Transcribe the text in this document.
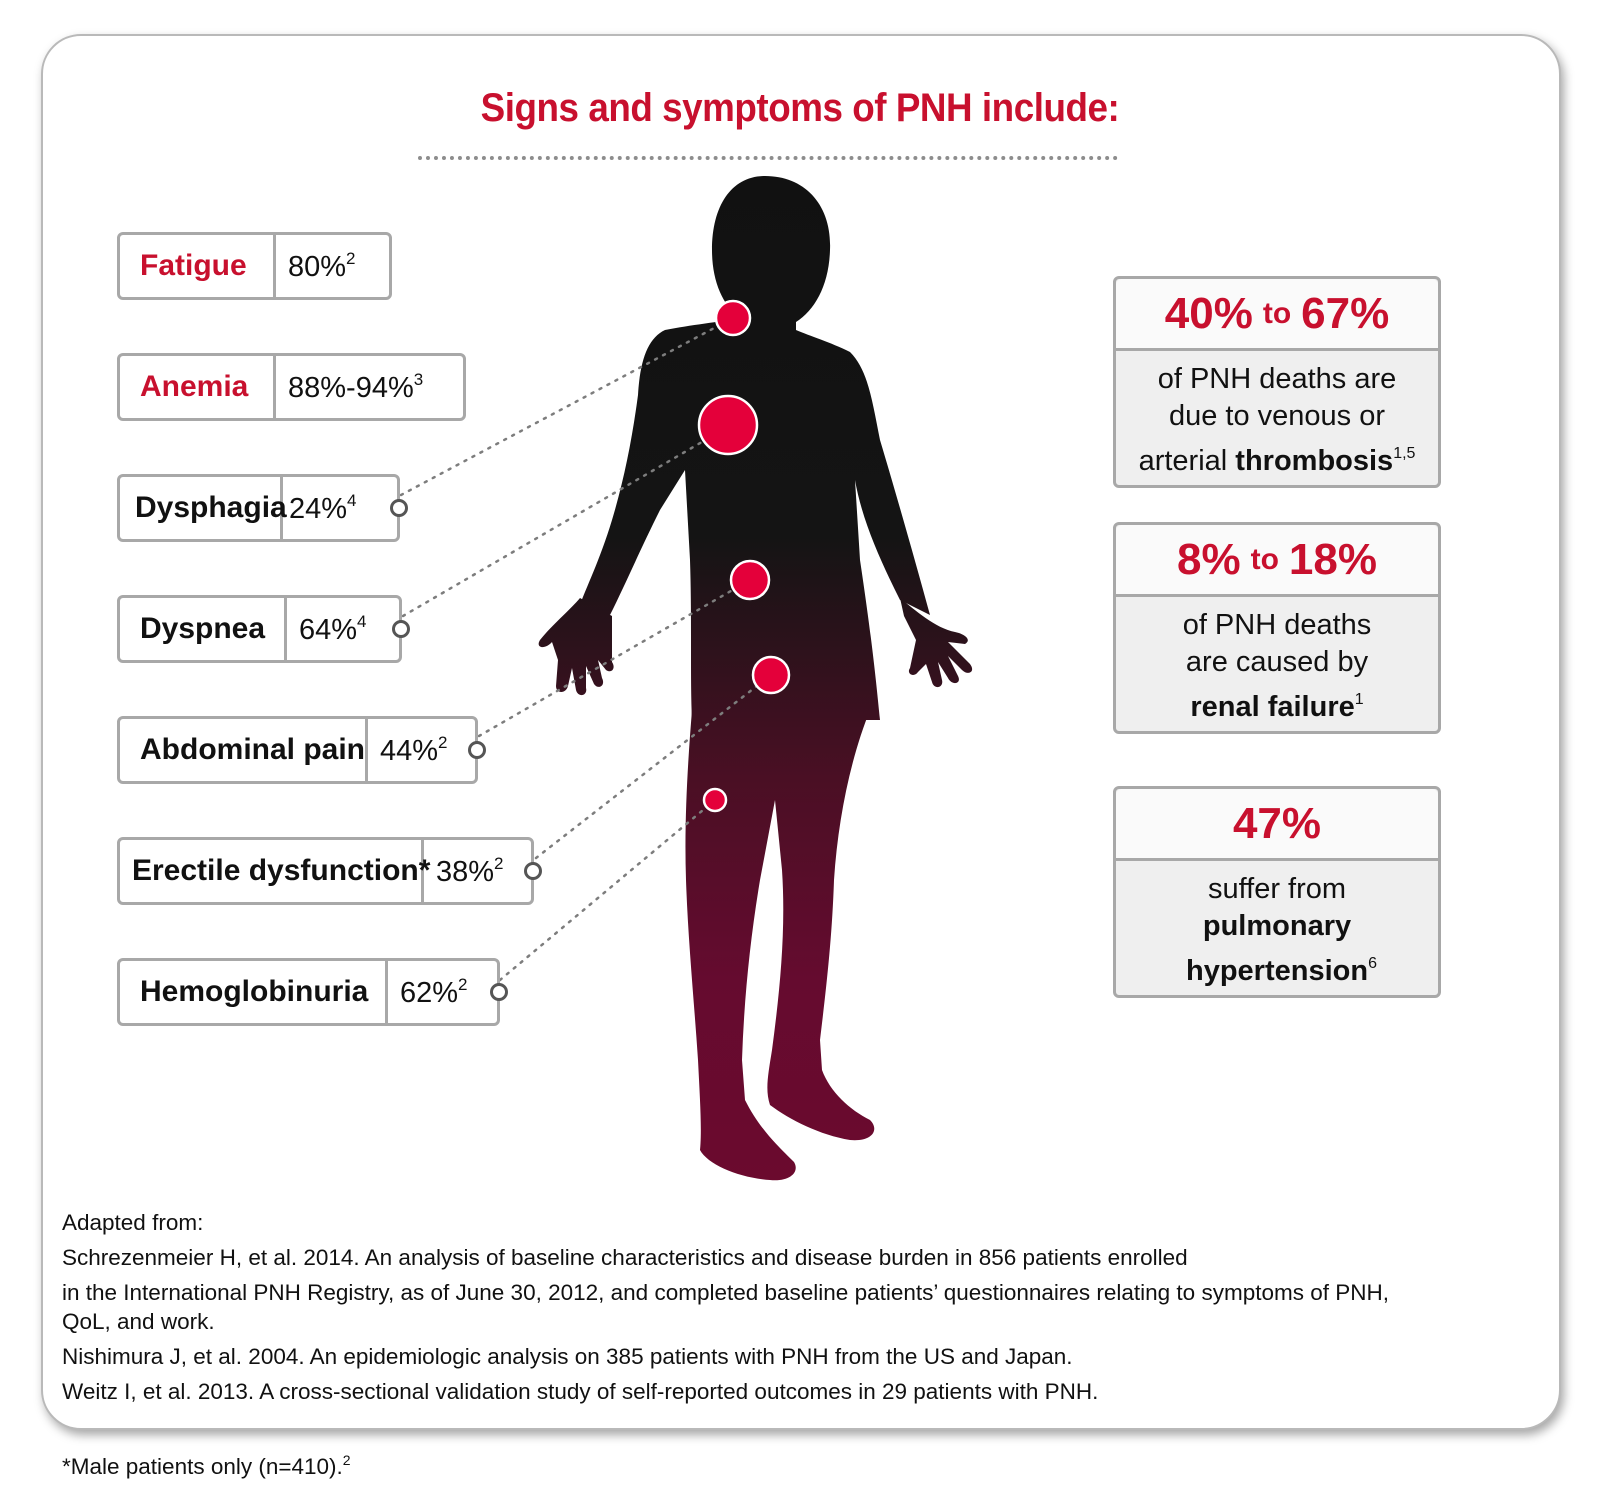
Signs and symptoms of PNH include:
Fatigue	80%$^2$
Anemia	88%-94%$^3$
Dysphagia 24%$^4$
Dyspnea	64%$^4$
Abdominal pain 44%$^2$
Erectile dysfunction* 38%$^2$
Hemoglobinuria	62%$^2$
40% to 67%
of PNH deaths are due to venous or arterial thrombosis$^{1,5}$
8% to 18%
of PNH deaths are caused by renal failure$^1$
47%
suffer from pulmonary hypertension$^6$

Adapted from:

Schrezenmeier H, et al. 2014. An analysis of baseline characteristics and disease burden in 856 patients enrolled

in the International PNH Registry, as of June 30, 2012, and completed baseline patients’ questionnaires relating to symptoms of PNH,

QoL, and work.

Nishimura J, et al. 2004. An epidemiologic analysis on 385 patients with PNH from the US and Japan.

Weitz I, et al. 2013. A cross-sectional validation study of self-reported outcomes in 29 patients with PNH.

*Male patients only (n=410).$^2$
